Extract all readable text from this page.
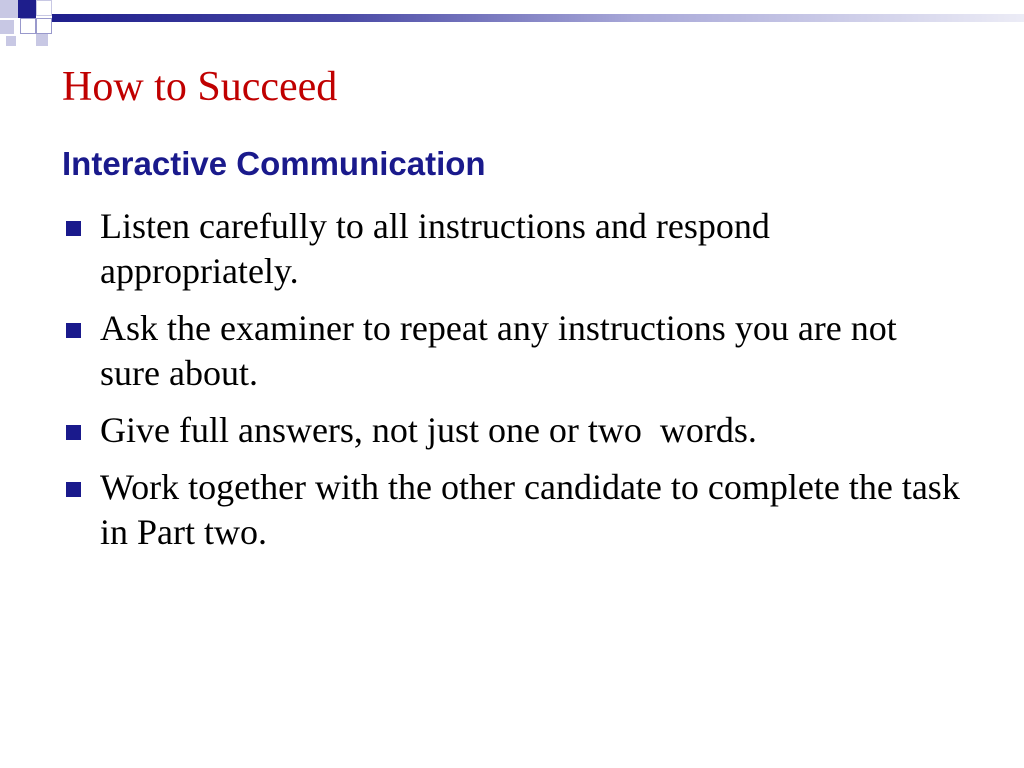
How to Succeed
Interactive Communication
Listen carefully to all instructions and respond appropriately.
Ask the examiner to repeat any instructions you are not sure about.
Give full answers, not just one or two  words.
Work together with the other candidate to complete the task in Part two.
